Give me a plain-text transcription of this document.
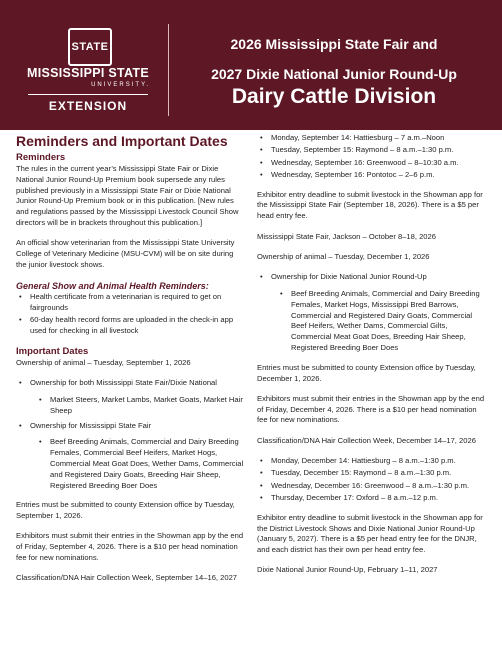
STATE
MISSISSIPPI STATE
UNIVERSITY.
EXTENSION
2026 Mississippi State Fair and
2027 Dixie National Junior Round-Up
Dairy Cattle Division
Reminders and Important Dates
Reminders

The rules in the current year’s Mississippi State Fair or Dixie National Junior Round-Up Premium book supersede any rules published previously in a Mississippi State Fair or Dixie National Junior Round-Up Premium book or in this publication. [New rules and regulations passed by the Mississippi Livestock Council Show directors will be in brackets throughout this publication.]

An official show veterinarian from the Mississippi State University College of Veterinary Medicine (MSU-CVM) will be on site during the junior livestock shows.

General Show and Animal Health Reminders:
• Health certificate from a veterinarian is required to get on fairgrounds
• 60-day health record forms are uploaded in the check-in app used for checking in all livestock
Important Dates

Ownership of animal – Tuesday, September 1, 2026

• Ownership for both Mississippi State Fair/Dixie National
• Market Steers, Market Lambs, Market Goats, Market Hair Sheep
• Ownership for Mississippi State Fair
• Beef Breeding Animals, Commercial and Dairy Breeding Females, Commercial Beef Heifers, Market Hogs, Commercial Meat Goat Does, Wether Dams, Commercial and Registered Dairy Goats, Breeding Hair Sheep, Registered Breeding Boer Does

Entries must be submitted to county Extension office by Tuesday, September 1, 2026.

Exhibitors must submit their entries in the Showman app by the end of Friday, September 4, 2026. There is a $10 per head nomination fee for new nominations.

Classification/DNA Hair Collection Week, September 14–16, 2027

• Monday, September 14: Hattiesburg – 7 a.m.–Noon
• Tuesday, September 15: Raymond – 8 a.m.–1:30 p.m.
• Wednesday, September 16: Greenwood – 8–10:30 a.m.
• Wednesday, September 16: Pontotoc – 2–6 p.m.

Exhibitor entry deadline to submit livestock in the Showman app for the Mississippi State Fair (September 18, 2026). There is a $5 per head entry fee.

Mississippi State Fair, Jackson – October 8–18, 2026

Ownership of animal – Tuesday, December 1, 2026

• Ownership for Dixie National Junior Round-Up
• Beef Breeding Animals, Commercial and Dairy Breeding Females, Market Hogs, Mississippi Bred Barrows, Commercial and Registered Dairy Goats, Commercial Beef Heifers, Wether Dams, Commercial Gilts, Commercial Meat Goat Does, Breeding Hair Sheep, Registered Breeding Boer Does

Entries must be submitted to county Extension office by Tuesday, December 1, 2026.

Exhibitors must submit their entries in the Showman app by the end of Friday, December 4, 2026. There is a $10 per head nomination fee for new nominations.

Classification/DNA Hair Collection Week, December 14–17, 2026

• Monday, December 14: Hattiesburg – 8 a.m.–1:30 p.m.
• Tuesday, December 15: Raymond – 8 a.m.–1:30 p.m.
• Wednesday, December 16: Greenwood – 8 a.m.–1:30 p.m.
• Thursday, December 17: Oxford – 8 a.m.–12 p.m.

Exhibitor entry deadline to submit livestock in the Showman app for the District Livestock Shows and Dixie National Junior Round-Up (January 5, 2027). There is a $5 per head entry fee for the DNJR, and each district has their own per head entry fee.

Dixie National Junior Round-Up, February 1–11, 2027
